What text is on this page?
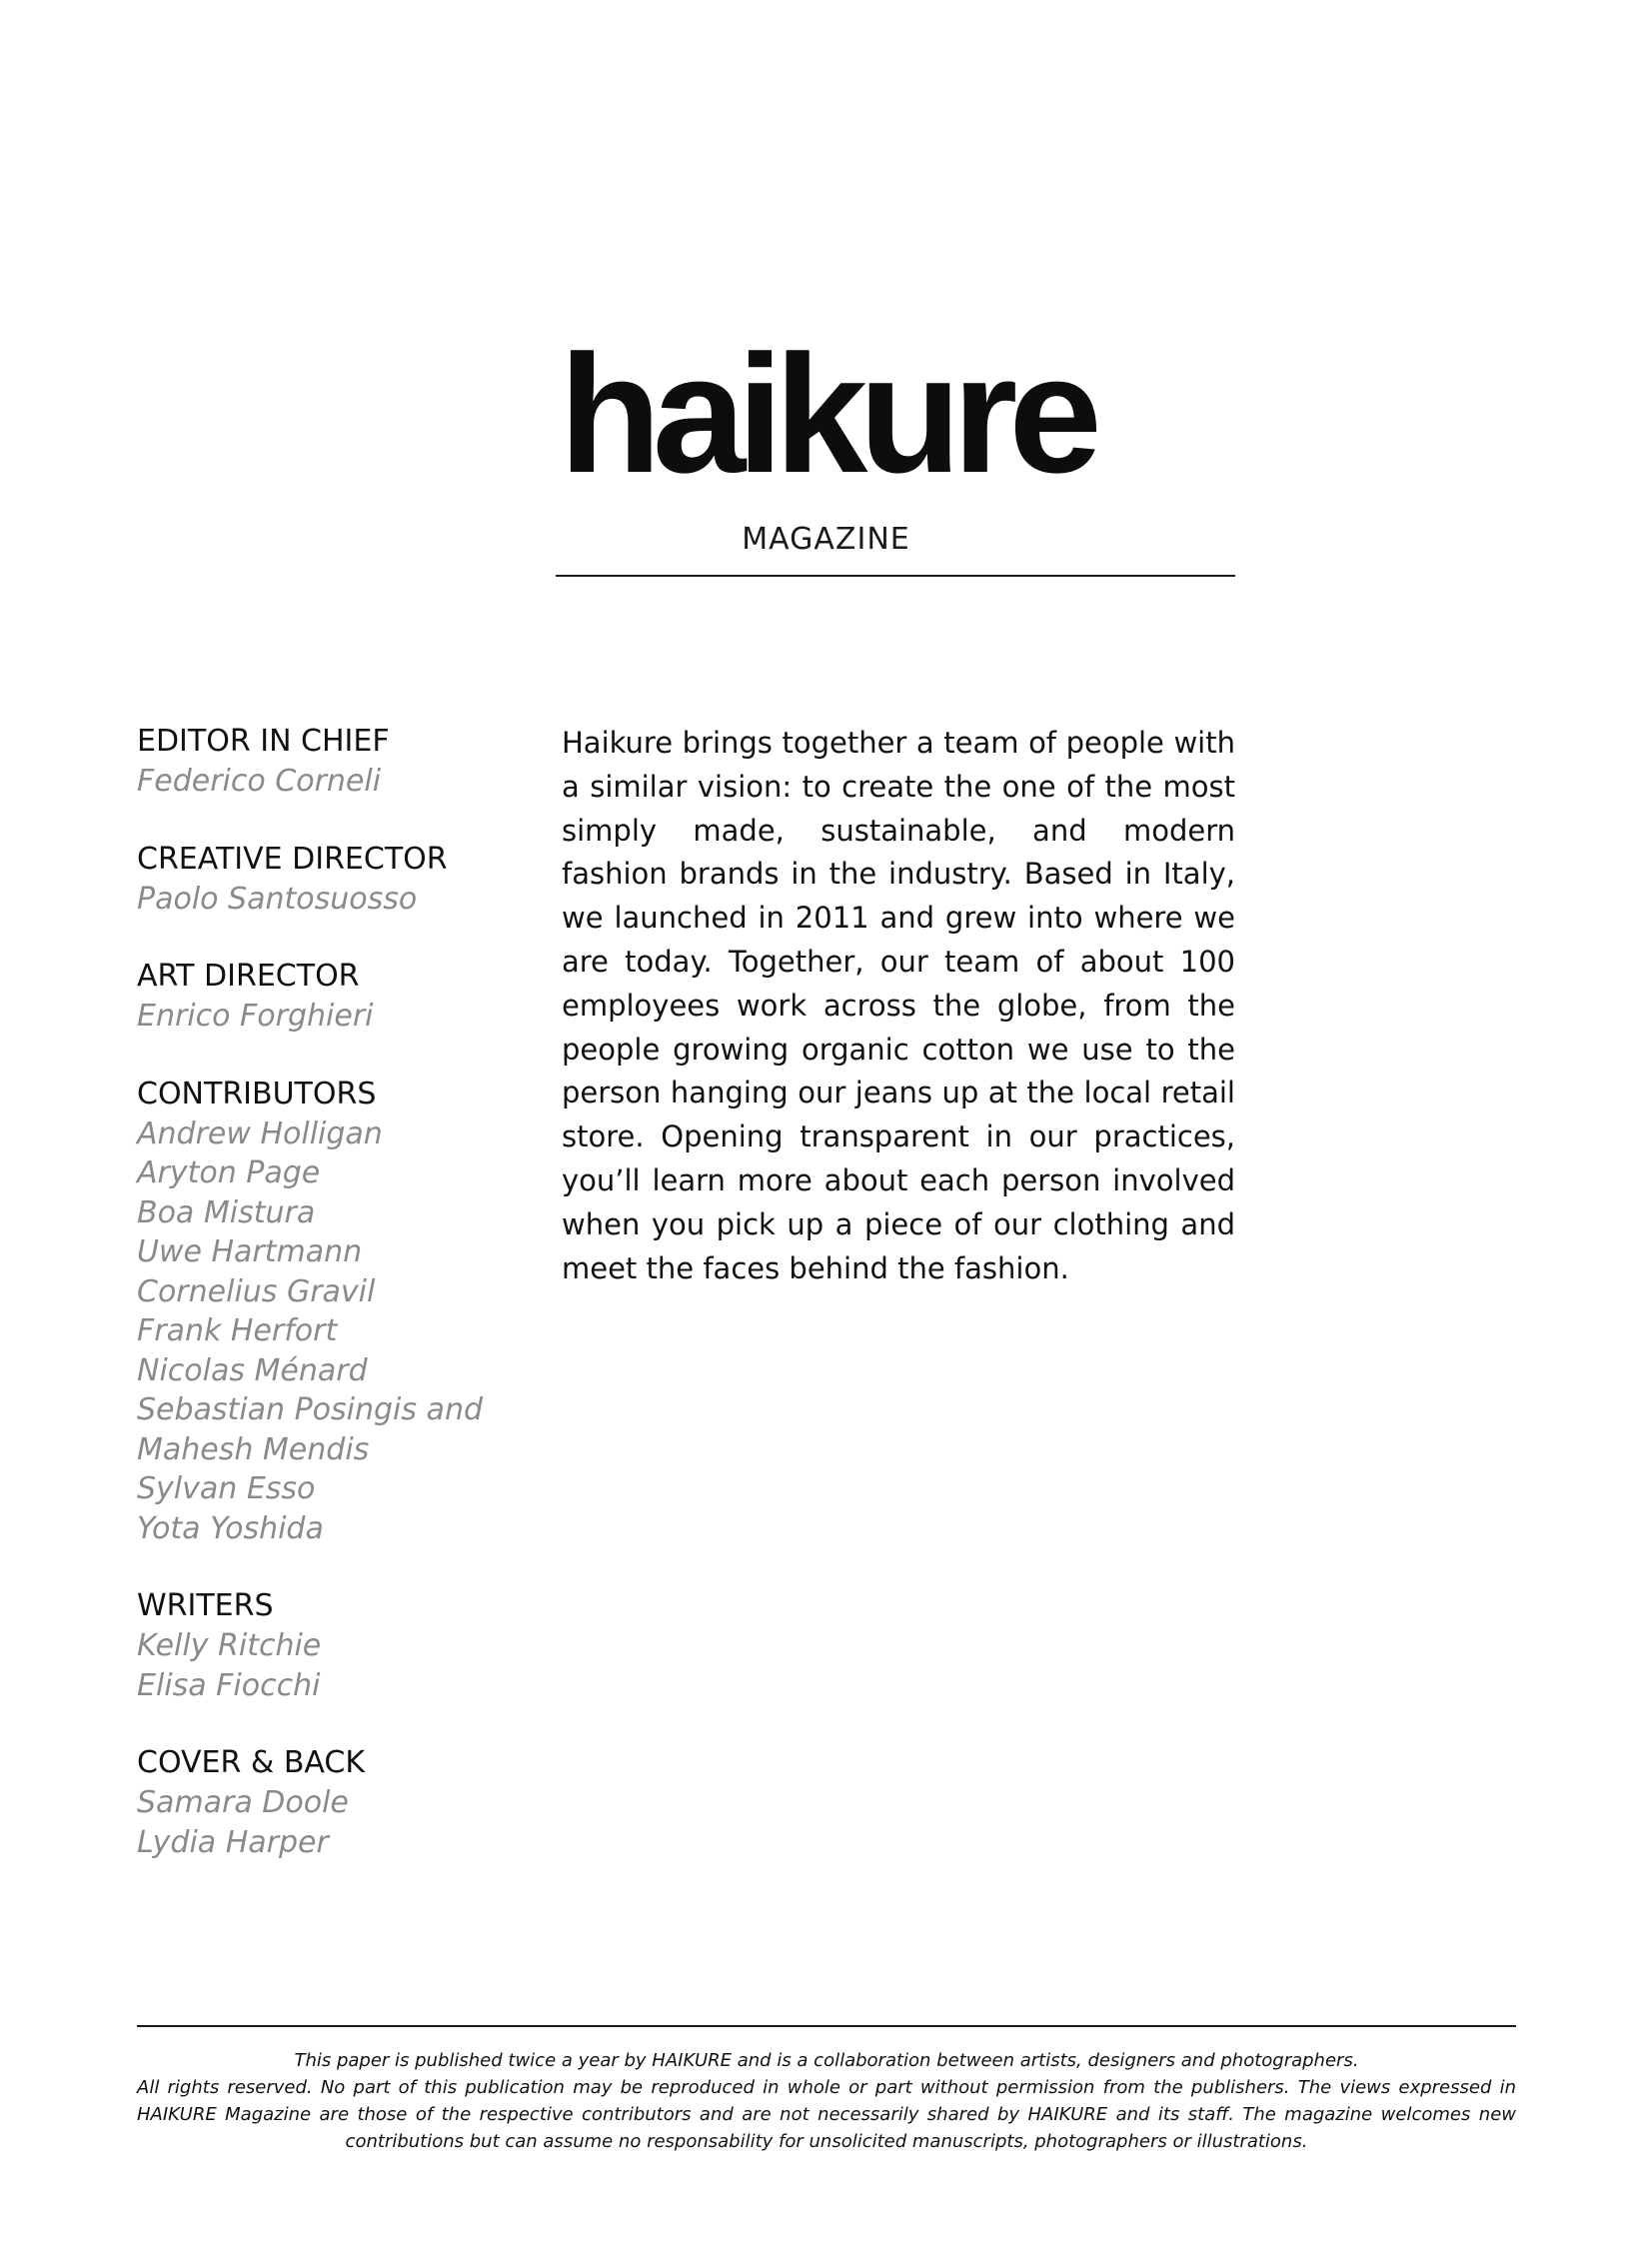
haikure
MAGAZINE
EDITOR IN CHIEF
Federico Corneli
CREATIVE DIRECTOR
Paolo Santosuosso
ART DIRECTOR
Enrico Forghieri
CONTRIBUTORS
Andrew Holligan
Aryton Page
Boa Mistura
Uwe Hartmann
Cornelius Gravil
Frank Herfort
Nicolas Ménard
Sebastian Posingis and
Mahesh Mendis
Sylvan Esso
Yota Yoshida
WRITERS
Kelly Ritchie
Elisa Fiocchi
COVER & BACK
Samara Doole
Lydia Harper

Haikure brings together a team of people with a similar vision: to create the one of the most simply made, sustainable, and modern fashion brands in the industry. Based in Italy, we launched in 2011 and grew into where we are today. Together, our team of about 100 employees work across the globe, from the people growing organic cotton we use to the person hanging our jeans up at the local retail store. Opening transparent in our practices, you’ll learn more about each person involved when you pick up a piece of our clothing and meet the faces behind the fashion.

This paper is published twice a year by HAIKURE and is a collaboration between artists, designers and photographers.
All rights reserved. No part of this publication may be reproduced in whole or part without permission from the publishers. The views expressed in HAIKURE Magazine are those of the respective contributors and are not necessarily shared by HAIKURE and its staff. The magazine welcomes new contributions but can assume no responsability for unsolicited manuscripts, photographers or illustrations.
